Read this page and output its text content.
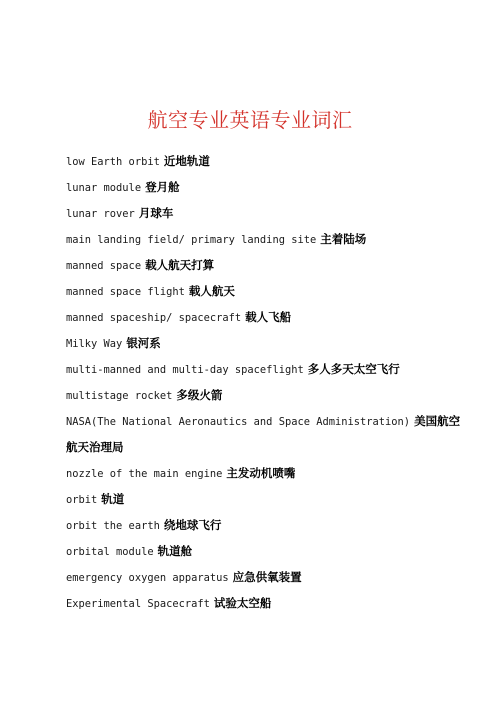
航空专业英语专业词汇
low Earth orbit 近地轨道
lunar module 登月舱
lunar rover 月球车
main landing field/ primary landing site 主着陆场
manned space 载人航天打算
manned space flight 载人航天
manned spaceship/ spacecraft 载人飞船
Milky Way 银河系
multi-manned and multi-day spaceflight 多人多天太空飞行
multistage rocket 多级火箭
NASA(The National Aeronautics and Space Administration) 美国航空
航天治理局
nozzle of the main engine 主发动机喷嘴
orbit 轨道
orbit the earth 绕地球飞行
orbital module 轨道舱
emergency oxygen apparatus 应急供氧装置
Experimental Spacecraft 试验太空船
